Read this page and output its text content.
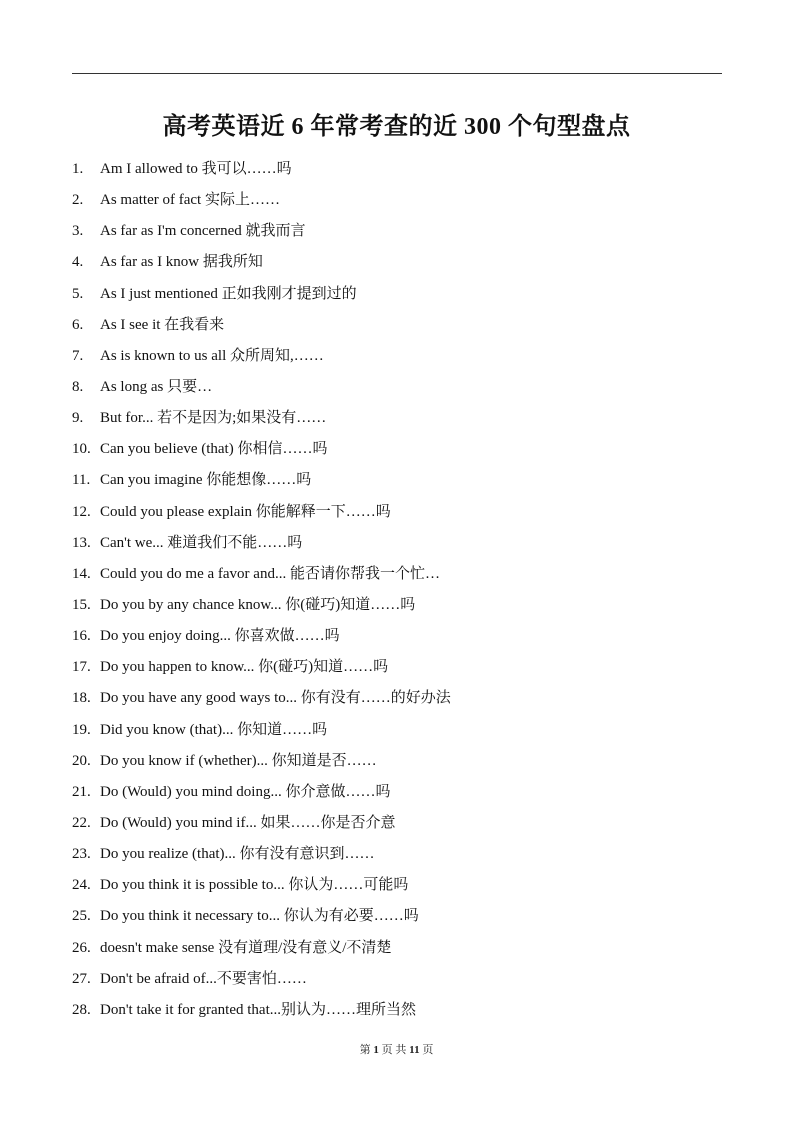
高考英语近 6 年常考查的近 300 个句型盘点
1. Am I allowed to 我可以……吗
2. As matter of fact 实际上……
3. As far as I'm concerned 就我而言
4. As far as I know 据我所知
5. As I just mentioned 正如我刚才提到过的
6. As I see it 在我看来
7. As is known to us all 众所周知,……
8. As long as 只要…
9. But for... 若不是因为;如果没有……
10. Can you believe (that) 你相信……吗
11. Can you imagine 你能想像……吗
12. Could you please explain 你能解释一下……吗
13. Can't we... 难道我们不能……吗
14. Could you do me a favor and... 能否请你帮我一个忙…
15. Do you by any chance know... 你(碰巧)知道……吗
16. Do you enjoy doing... 你喜欢做……吗
17. Do you happen to know... 你(碰巧)知道……吗
18. Do you have any good ways to... 你有没有……的好办法
19. Did you know (that)... 你知道……吗
20. Do you know if (whether)... 你知道是否……
21. Do (Would) you mind doing... 你介意做……吗
22. Do (Would) you mind if... 如果……你是否介意
23. Do you realize (that)... 你有没有意识到……
24. Do you think it is possible to... 你认为……可能吗
25. Do you think it necessary to... 你认为有必要……吗
26. doesn't make sense 没有道理/没有意义/不清楚
27. Don't be afraid of...不要害怕……
28. Don't take it for granted that...别认为……理所当然
第 1 页 共 11 页
